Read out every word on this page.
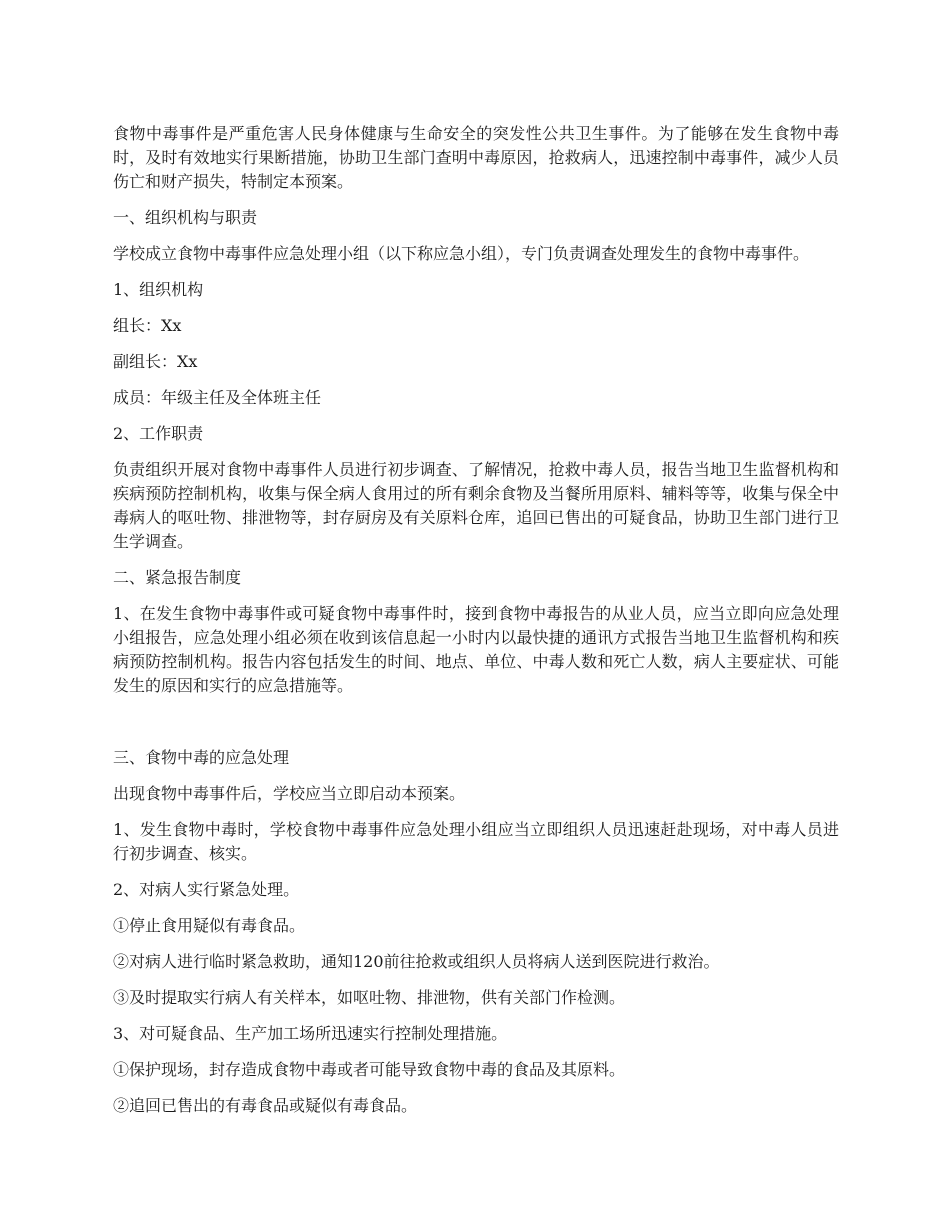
食物中毒事件是严重危害人民身体健康与生命安全的突发性公共卫生事件。为了能够在发生食物中毒时，及时有效地实行果断措施，协助卫生部门查明中毒原因，抢救病人，迅速控制中毒事件，减少人员伤亡和财产损失，特制定本预案。

一、组织机构与职责

学校成立食物中毒事件应急处理小组（以下称应急小组），专门负责调查处理发生的食物中毒事件。

1、组织机构

组长：Xx

副组长：Xx

成员：年级主任及全体班主任

2、工作职责

负责组织开展对食物中毒事件人员进行初步调查、了解情况，抢救中毒人员，报告当地卫生监督机构和疾病预防控制机构，收集与保全病人食用过的所有剩余食物及当餐所用原料、辅料等等，收集与保全中毒病人的呕吐物、排泄物等，封存厨房及有关原料仓库，追回已售出的可疑食品，协助卫生部门进行卫生学调查。

二、紧急报告制度

1、在发生食物中毒事件或可疑食物中毒事件时，接到食物中毒报告的从业人员，应当立即向应急处理小组报告，应急处理小组必须在收到该信息起一小时内以最快捷的通讯方式报告当地卫生监督机构和疾病预防控制机构。报告内容包括发生的时间、地点、单位、中毒人数和死亡人数，病人主要症状、可能发生的原因和实行的应急措施等。

三、食物中毒的应急处理

出现食物中毒事件后，学校应当立即启动本预案。

1、发生食物中毒时，学校食物中毒事件应急处理小组应当立即组织人员迅速赶赴现场，对中毒人员进行初步调查、核实。

2、对病人实行紧急处理。

①停止食用疑似有毒食品。

②对病人进行临时紧急救助，通知120前往抢救或组织人员将病人送到医院进行救治。

③及时提取实行病人有关样本，如呕吐物、排泄物，供有关部门作检测。

3、对可疑食品、生产加工场所迅速实行控制处理措施。

①保护现场，封存造成食物中毒或者可能导致食物中毒的食品及其原料。

②追回已售出的有毒食品或疑似有毒食品。
